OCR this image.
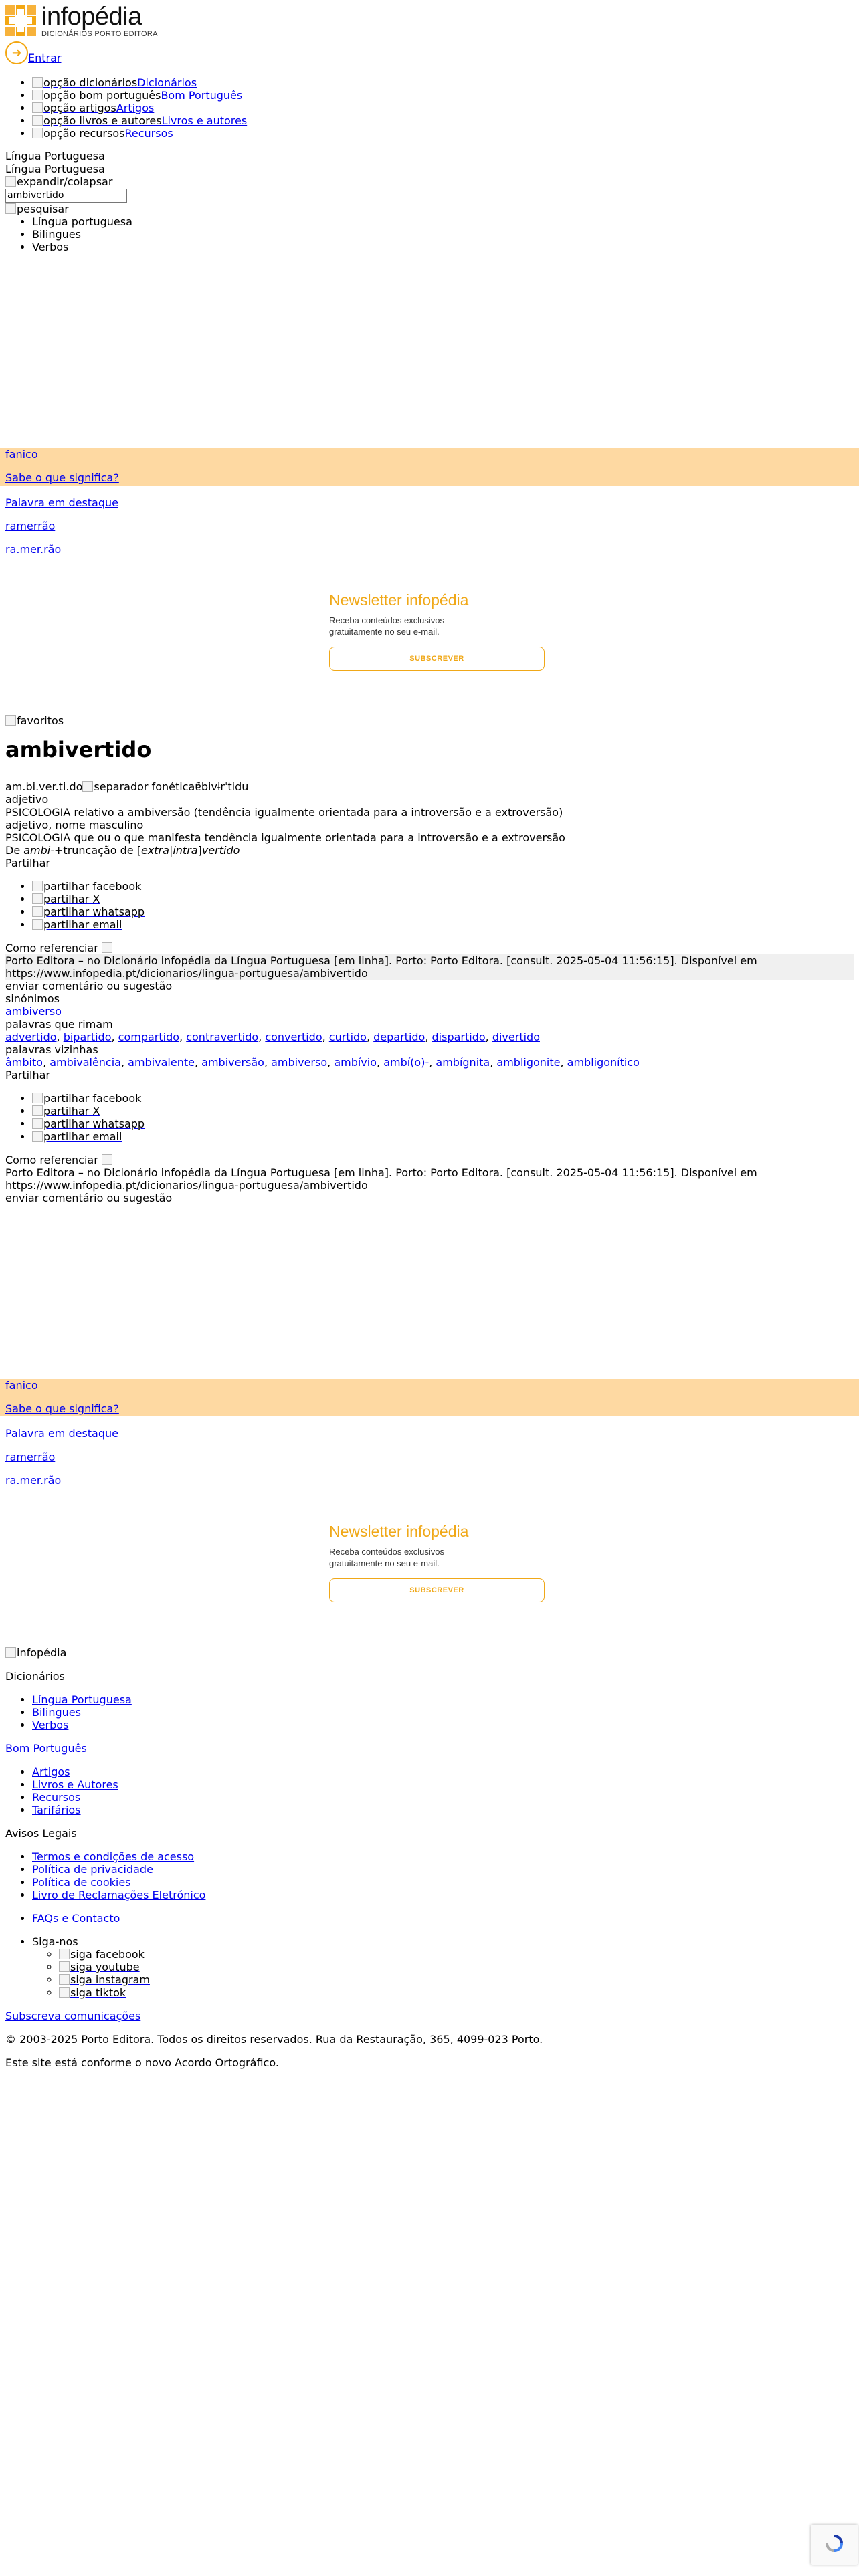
infopédia
DICIONÁRIOS PORTO EDITORA
➜ Entrar
• opção dicionáriosDicionários
• opção bom portuguêsBom Português
• opção artigosArtigos
• opção livros e autoresLivros e autores
• opção recursosRecursos
Língua Portuguesa
Língua Portuguesa
expandir/colapsar
ambivertido
pesquisar
• Língua portuguesa
• Bilingues
• Verbos

fanico

Sabe o que significa?

Palavra em destaque

ramerrão

ra.mer.rão

Newsletter infopédia
Receba conteúdos exclusivos gratuitamente no seu e-mail.
SUBSCREVER
favoritos
ambivertido
am.bi.ver.ti.do separador fonéticaɐ̃bivɨrˈtidu
adjetivo
PSICOLOGIA relativo a ambiversão (tendência igualmente orientada para a introversão e a extroversão)
adjetivo, nome masculino
PSICOLOGIA que ou o que manifesta tendência igualmente orientada para a introversão e a extroversão
De ambi-+truncação de [extra|intra]vertido
Partilhar
• partilhar facebook
• partilhar X
• partilhar whatsapp
• partilhar email
Como referenciar
Porto Editora – no Dicionário infopédia da Língua Portuguesa [em linha]. Porto: Porto Editora. [consult. 2025-05-04 11:56:15]. Disponível em https://www.infopedia.pt/dicionarios/lingua-portuguesa/ambivertido
enviar comentário ou sugestão
sinónimos
ambiverso
palavras que rimam
advertido, bipartido, compartido, contravertido, convertido, curtido, departido, dispartido, divertido
palavras vizinhas
âmbito, ambivalência, ambivalente, ambiversão, ambiverso, ambívio, ambí(o)-, ambígnita, ambligonite, ambligonítico
Partilhar
• partilhar facebook
• partilhar X
• partilhar whatsapp
• partilhar email
Como referenciar
Porto Editora – no Dicionário infopédia da Língua Portuguesa [em linha]. Porto: Porto Editora. [consult. 2025-05-04 11:56:15]. Disponível em https://www.infopedia.pt/dicionarios/lingua-portuguesa/ambivertido
enviar comentário ou sugestão

fanico

Sabe o que significa?

Palavra em destaque

ramerrão

ra.mer.rão

Newsletter infopédia
Receba conteúdos exclusivos gratuitamente no seu e-mail.
SUBSCREVER

infopédia

Dicionários

• Língua Portuguesa
• Bilingues
• Verbos

Bom Português

• Artigos
• Livros e Autores
• Recursos
• Tarifários

Avisos Legais

• Termos e condições de acesso
• Política de privacidade
• Política de cookies
• Livro de Reclamações Eletrónico
• FAQs e Contacto
• Siga-nos
◦ siga facebook
◦ siga youtube
◦ siga instagram
◦ siga tiktok

Subscreva comunicações

© 2003-2025 Porto Editora. Todos os direitos reservados. Rua da Restauração, 365, 4099-023 Porto.

Este site está conforme o novo Acordo Ortográfico.
